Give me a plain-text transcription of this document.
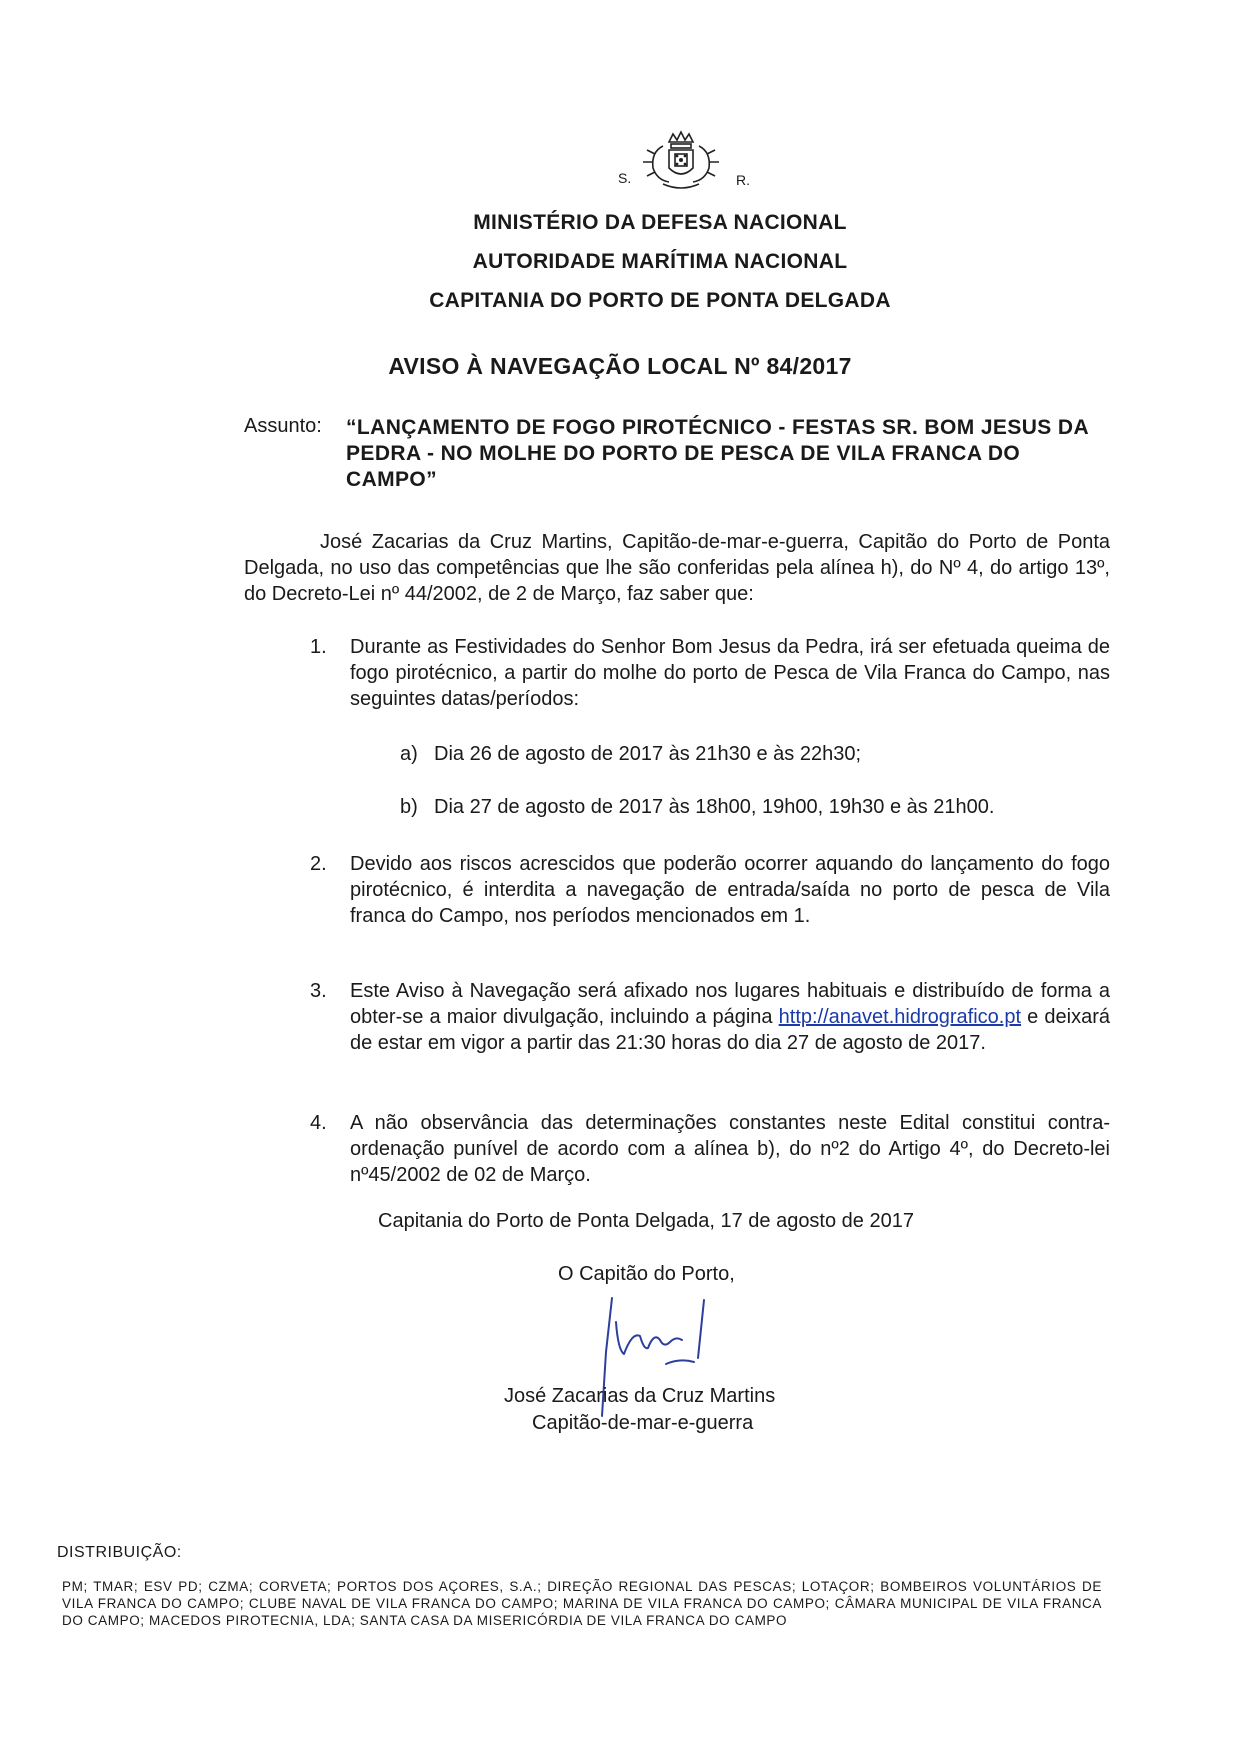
S.	R.
MINISTÉRIO DA DEFESA NACIONAL
AUTORIDADE MARÍTIMA NACIONAL
CAPITANIA DO PORTO DE PONTA DELGADA
AVISO À NAVEGAÇÃO LOCAL Nº 84/2017
Assunto: “LANÇAMENTO DE FOGO PIROTÉCNICO - FESTAS SR. BOM JESUS DA PEDRA - NO MOLHE DO PORTO DE PESCA DE VILA FRANCA DO CAMPO”
José Zacarias da Cruz Martins, Capitão-de-mar-e-guerra, Capitão do Porto de Ponta Delgada, no uso das competências que lhe são conferidas pela alínea h), do Nº 4, do artigo 13º, do Decreto-Lei nº 44/2002, de 2 de Março, faz saber que:
1. Durante as Festividades do Senhor Bom Jesus da Pedra, irá ser efetuada queima de fogo pirotécnico, a partir do molhe do porto de Pesca de Vila Franca do Campo, nas seguintes datas/períodos:
a) Dia 26 de agosto de 2017 às 21h30 e às 22h30;
b) Dia 27 de agosto de 2017 às 18h00, 19h00, 19h30 e às 21h00.
2. Devido aos riscos acrescidos que poderão ocorrer aquando do lançamento do fogo pirotécnico, é interdita a navegação de entrada/saída no porto de pesca de Vila franca do Campo, nos períodos mencionados em 1.
3. Este Aviso à Navegação será afixado nos lugares habituais e distribuído de forma a obter-se a maior divulgação, incluindo a página http://anavet.hidrografico.pt e deixará de estar em vigor a partir das 21:30 horas do dia 27 de agosto de 2017.
4. A não observância das determinações constantes neste Edital constitui contra-ordenação punível de acordo com a alínea b), do nº2 do Artigo 4º, do Decreto-lei nº45/2002 de 02 de Março.
Capitania do Porto de Ponta Delgada, 17 de agosto de 2017
O Capitão do Porto,
José Zacarias da Cruz Martins
Capitão-de-mar-e-guerra
DISTRIBUIÇÃO:
PM; TMAR; ESV PD; CZMA; CORVETA; PORTOS DOS AÇORES, S.A.; DIREÇÃO REGIONAL DAS PESCAS; LOTAÇOR; BOMBEIROS VOLUNTÁRIOS DE VILA FRANCA DO CAMPO; CLUBE NAVAL DE VILA FRANCA DO CAMPO; MARINA DE VILA FRANCA DO CAMPO; CÂMARA MUNICIPAL DE VILA FRANCA DO CAMPO; MACEDOS PIROTECNIA, LDA; SANTA CASA DA MISERICÓRDIA DE VILA FRANCA DO CAMPO
